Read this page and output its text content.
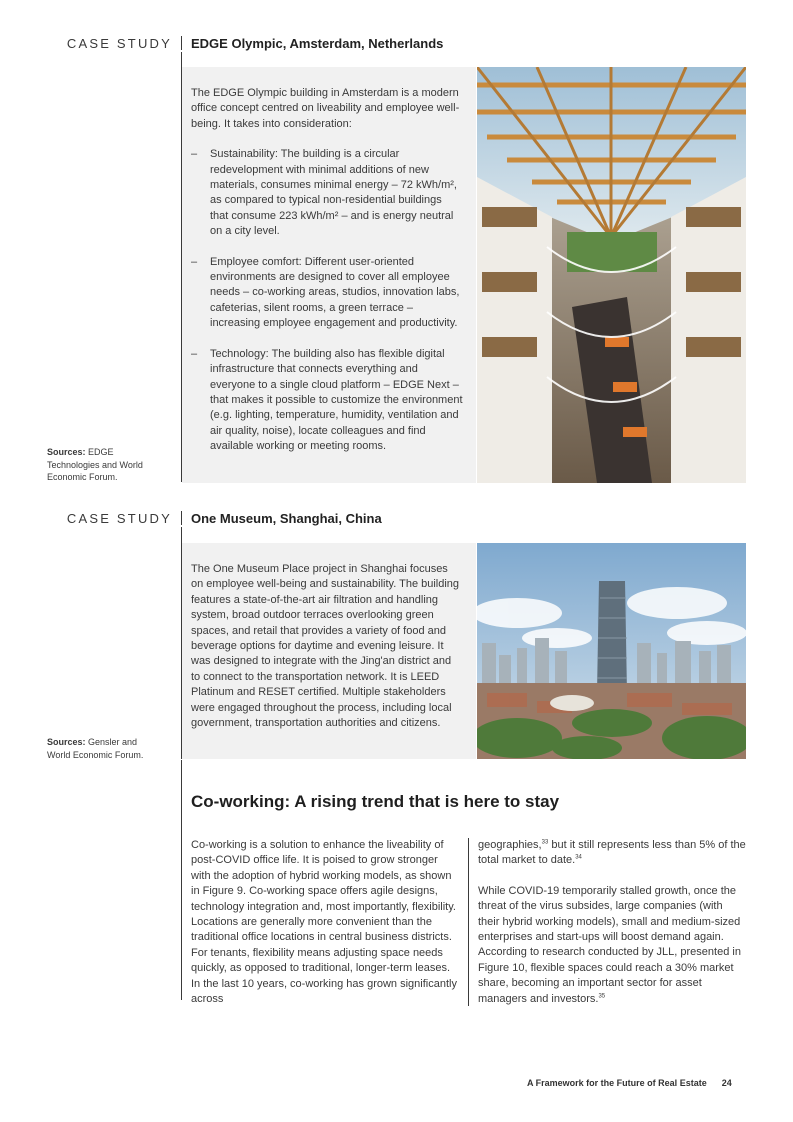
CASE STUDY EDGE Olympic, Amsterdam, Netherlands

The EDGE Olympic building in Amsterdam is a modern office concept centred on liveability and employee well-being. It takes into consideration:

– Sustainability: The building is a circular redevelopment with minimal additions of new materials, consumes minimal energy – 72 kWh/m², as compared to typical non-residential buildings that consume 223 kWh/m² – and is energy neutral on a city level.
– Employee comfort: Different user-oriented environments are designed to cover all employee needs – co-working areas, studios, innovation labs, cafeterias, silent rooms, a green terrace – increasing employee engagement and productivity.
– Technology: The building also has flexible digital infrastructure that connects everything and everyone to a single cloud platform – EDGE Next – that makes it possible to customize the environment (e.g. lighting, temperature, humidity, ventilation and air quality, noise), locate colleagues and find available working or meeting rooms.
Sources: EDGE Technologies and World Economic Forum.
CASE STUDY One Museum, Shanghai, China

The One Museum Place project in Shanghai focuses on employee well-being and sustainability. The building features a state-of-the-art air filtration and handling system, broad outdoor terraces overlooking green spaces, and retail that provides a variety of food and beverage options for daytime and evening leisure. It was designed to integrate with the Jing'an district and to connect to the transportation network. It is LEED Platinum and RESET certified. Multiple stakeholders were engaged throughout the process, including local government, transportation authorities and citizens.

Sources: Gensler and World Economic Forum.
Co-working: A rising trend that is here to stay

Co-working is a solution to enhance the liveability of post-COVID office life. It is poised to grow stronger with the adoption of hybrid working models, as shown in Figure 9. Co-working space offers agile designs, technology integration and, most importantly, flexibility. Locations are generally more convenient than the traditional office locations in central business districts. For tenants, flexibility means adjusting space needs quickly, as opposed to traditional, longer-term leases. In the last 10 years, co-working has grown significantly across

geographies,$^{33}$ but it still represents less than 5% of the total market to date.$^{34}$

While COVID-19 temporarily stalled growth, once the threat of the virus subsides, large companies (with their hybrid working models), small and medium-sized enterprises and start-ups will boost demand again. According to research conducted by JLL, presented in Figure 10, flexible spaces could reach a 30% market share, becoming an important sector for asset managers and investors.$^{35}$

A Framework for the Future of Real Estate 24
